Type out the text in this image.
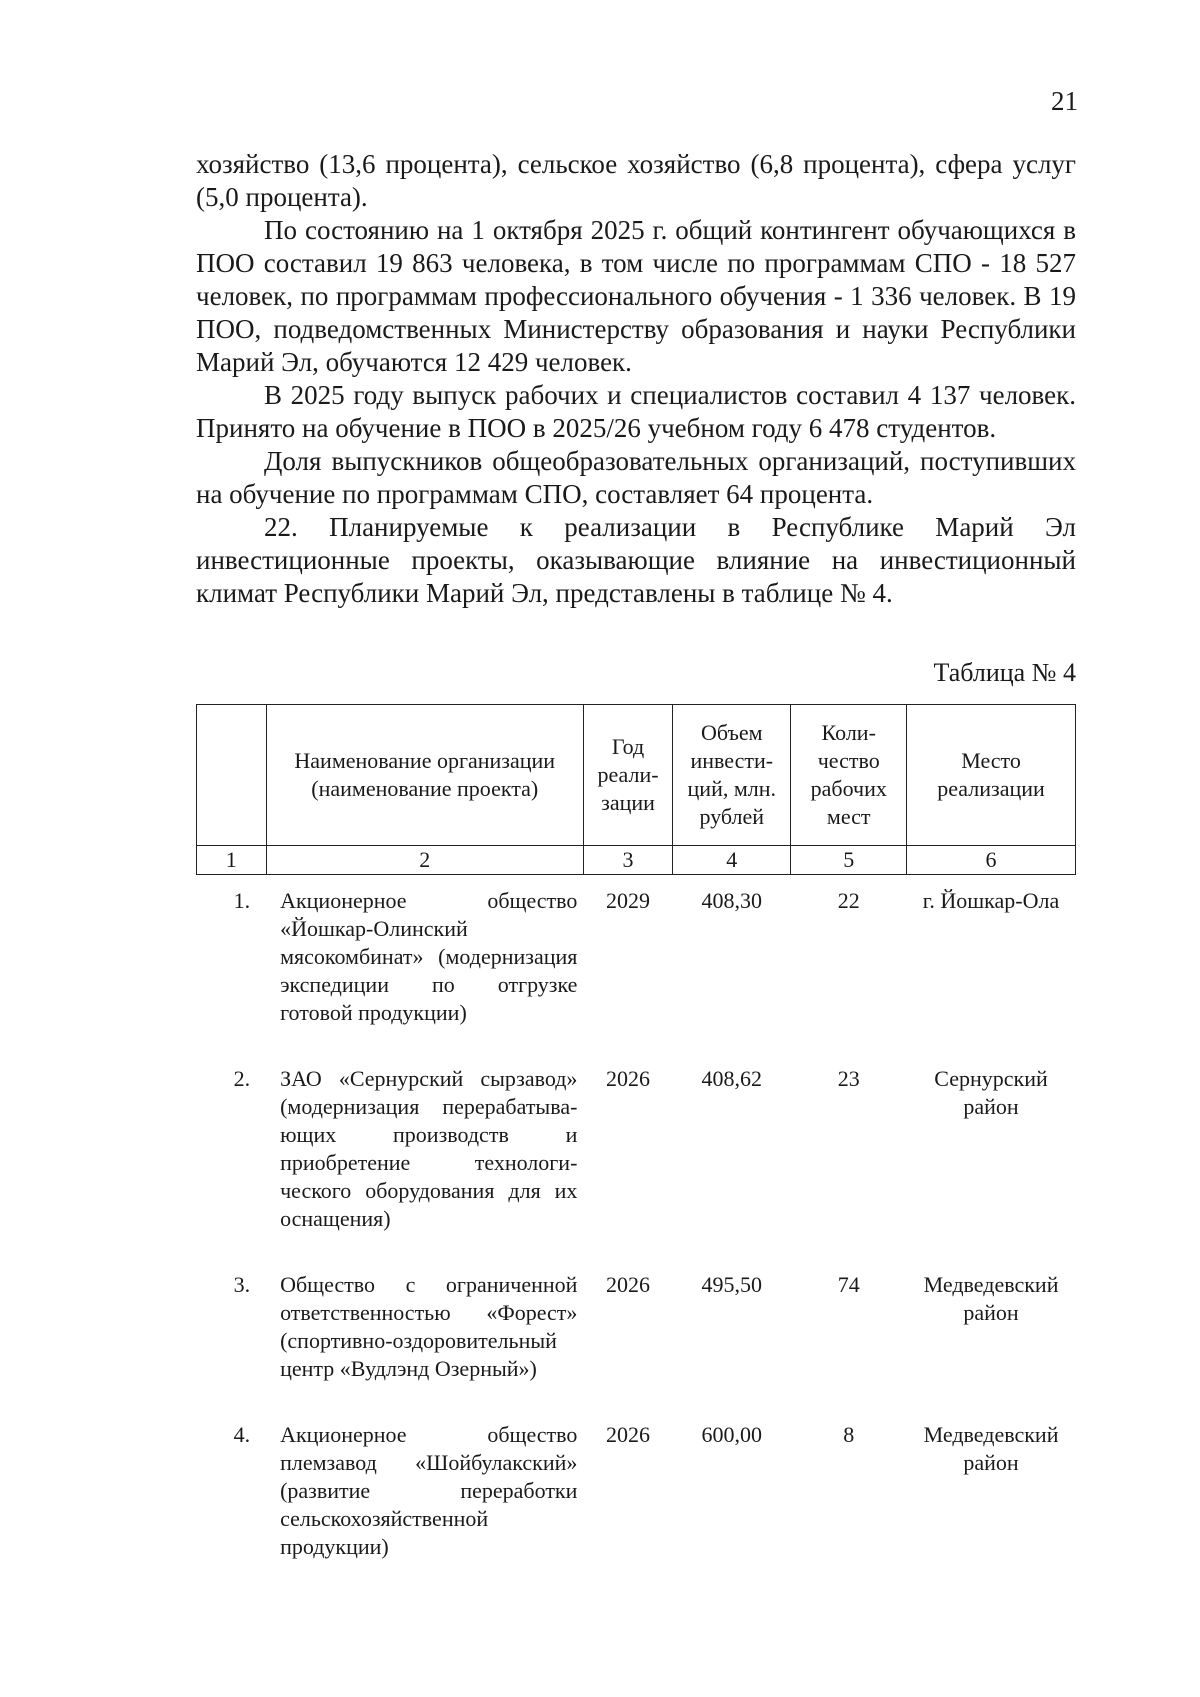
21

хозяйство (13,6 процента), сельское хозяйство (6,8 процента), сфера услуг (5,0 процента).

По состоянию на 1 октября 2025 г. общий контингент обучающихся в ПОО составил 19 863 человека, в том числе по программам СПО - 18 527 человек, по программам профессионального обучения - 1 336 человек. В 19 ПОО, подведомственных Министерству образования и науки Республики Марий Эл, обучаются 12 429 человек.

В 2025 году выпуск рабочих и специалистов составил 4 137 человек. Принято на обучение в ПОО в 2025/26 учебном году 6 478 студентов.

Доля выпускников общеобразовательных организаций, поступивших на обучение по программам СПО, составляет 64 процента.

22. Планируемые к реализации в Республике Марий Эл инвестиционные проекты, оказывающие влияние на инвестиционный климат Республики Марий Эл, представлены в таблице № 4.

Таблица № 4
	Наименование организации (наименование проекта)	Год реали-зации	Объем инвести-ций, млн. рублей	Коли-чество рабочих мест	Место реализации
1	2	3	4	5	6
1.	Акционерное общество «Йошкар-Олинский мясокомбинат» (модернизация экспедиции по отгрузке готовой продукции)	2029	408,30	22	г. Йошкар-Ола
2.	ЗАО «Сернурский сырзавод» (модернизация перерабатыва-ющих производств и приобретение технологи-ческого оборудования для их оснащения)	2026	408,62	23	Сернурский район
3.	Общество с ограниченной ответственностью «Форест» (спортивно-оздоровительный центр «Вудлэнд Озерный»)	2026	495,50	74	Медведевский район
4.	Акционерное общество племзавод «Шойбулакский» (развитие переработки сельскохозяйственной продукции)	2026	600,00	8	Медведевский район
